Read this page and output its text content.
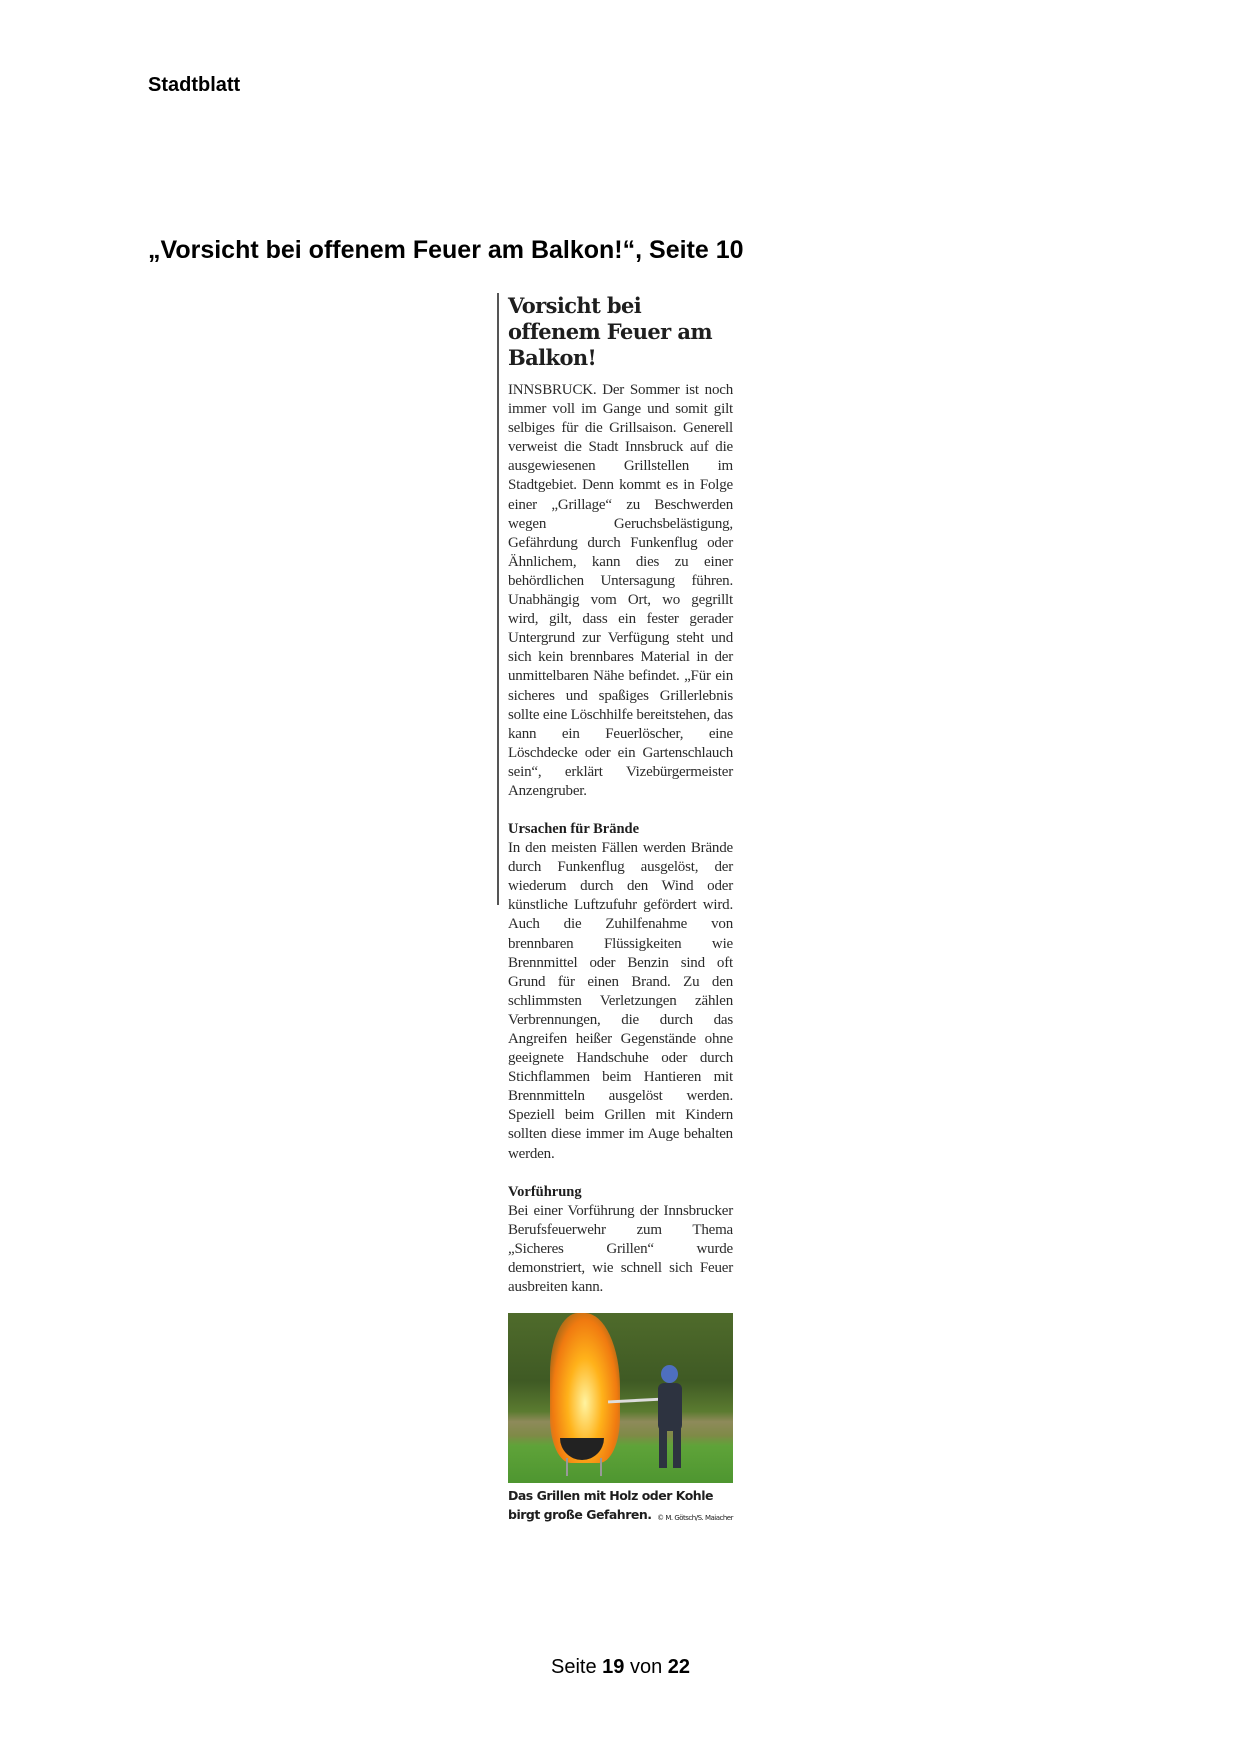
Stadtblatt
„Vorsicht bei offenem Feuer am Balkon!“, Seite 10
Vorsicht bei offenem Feuer am Balkon!

INNSBRUCK. Der Sommer ist noch immer voll im Gange und somit gilt selbiges für die Grillsaison. Generell verweist die Stadt Innsbruck auf die ausgewiesenen Grillstellen im Stadtgebiet. Denn kommt es in Folge einer „Grillage“ zu Beschwerden wegen Geruchsbelästigung, Gefährdung durch Funkenflug oder Ähnlichem, kann dies zu einer behördlichen Untersagung führen. Unabhängig vom Ort, wo gegrillt wird, gilt, dass ein fester gerader Untergrund zur Verfügung steht und sich kein brennbares Material in der unmittelbaren Nähe befindet. „Für ein sicheres und spaßiges Grillerlebnis sollte eine Löschhilfe bereitstehen, das kann ein Feuerlöscher, eine Löschdecke oder ein Gartenschlauch sein“, erklärt Vizebürgermeister Anzengruber.

Ursachen für Brände

In den meisten Fällen werden Brände durch Funkenflug ausgelöst, der wiederum durch den Wind oder künstliche Luftzufuhr gefördert wird. Auch die Zuhilfenahme von brennbaren Flüssigkeiten wie Brennmittel oder Benzin sind oft Grund für einen Brand. Zu den schlimmsten Verletzungen zählen Verbrennungen, die durch das Angreifen heißer Gegenstände ohne geeignete Handschuhe oder durch Stichflammen beim Hantieren mit Brennmitteln ausgelöst werden. Speziell beim Grillen mit Kindern sollten diese immer im Auge behalten werden.

Vorführung

Bei einer Vorführung der Innsbrucker Berufsfeuerwehr zum Thema „Sicheres Grillen“ wurde demonstriert, wie schnell sich Feuer ausbreiten kann.

Das Grillen mit Holz oder Kohle birgt große Gefahren. © M. Götsch/S. Maiacher
Seite 19 von 22
